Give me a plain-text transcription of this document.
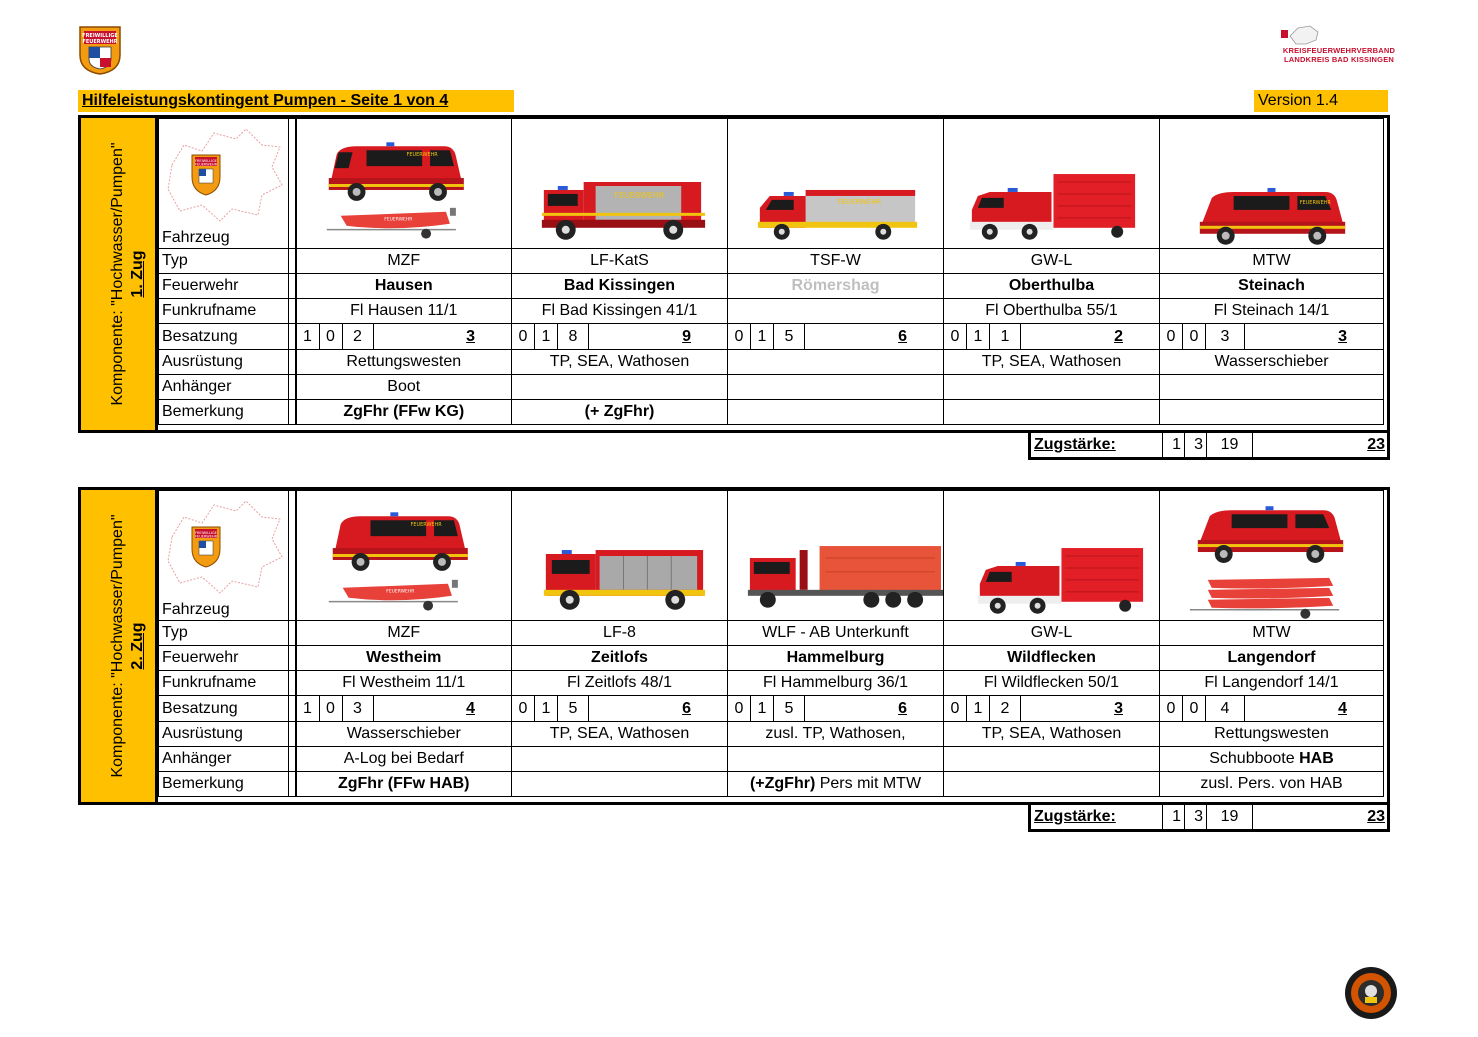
FREIWILLIGE
FEUERWEHR
KREISFEUERWEHRVERBAND
LANDKREIS BAD KISSINGEN
Hilfeleistungskontingent Pumpen - Seite 1 von 4	Version 1.4
Komponente: "Hochwasser/Pumpen" 1. Zug
FREIWILLIGE
FEUERWEHR
Fahrzeug		FEUERWEHR
FEUERWEHR	FEUERWEHR	FEUERWEHR		FEUERWEHR

Typ		MZF	LF-KatS	TSF-W	GW-L	MTW
Feuerwehr		Hausen	Bad Kissingen	Römershag	Oberthulba	Steinach
Funkrufname		Fl Hausen 11/1	Fl Bad Kissingen 41/1		Fl Oberthulba 55/1	Fl Steinach 14/1
Besatzung		1 0 2 3	0 1 8 9	0 1 5 6	0 1 1 2	0 0 3 3

Ausrüstung		Rettungswesten	TP, SEA, Wathosen		TP, SEA, Wathosen	Wasserschieber
Anhänger		Boot				
Bemerkung		ZgFhr (FFw KG)	(+ ZgFhr)			
Zugstärke:	1 3	19	23
Komponente: "Hochwasser/Pumpen" 2. Zug
FREIWILLIGE
FEUERWEHR
Fahrzeug		FEUERWEHR
FEUERWEHR

Typ		MZF	LF-8	WLF - AB Unterkunft	GW-L	MTW
Feuerwehr		Westheim	Zeitlofs	Hammelburg	Wildflecken	Langendorf
Funkrufname		Fl Westheim 11/1	Fl Zeitlofs 48/1	Fl Hammelburg 36/1	Fl Wildflecken 50/1	Fl Langendorf 14/1
Besatzung		1 0 3 4	0 1 5 6	0 1 5 6	0 1 2 3	0 0 4 4

Ausrüstung		Wasserschieber	TP, SEA, Wathosen	zusl. TP, Wathosen,	TP, SEA, Wathosen	Rettungswesten
Anhänger		A-Log bei Bedarf				Schubboote HAB
Bemerkung		ZgFhr (FFw HAB)		(+ZgFhr) Pers mit MTW		zusl. Pers. von HAB
Zugstärke:	1 3	19	23
